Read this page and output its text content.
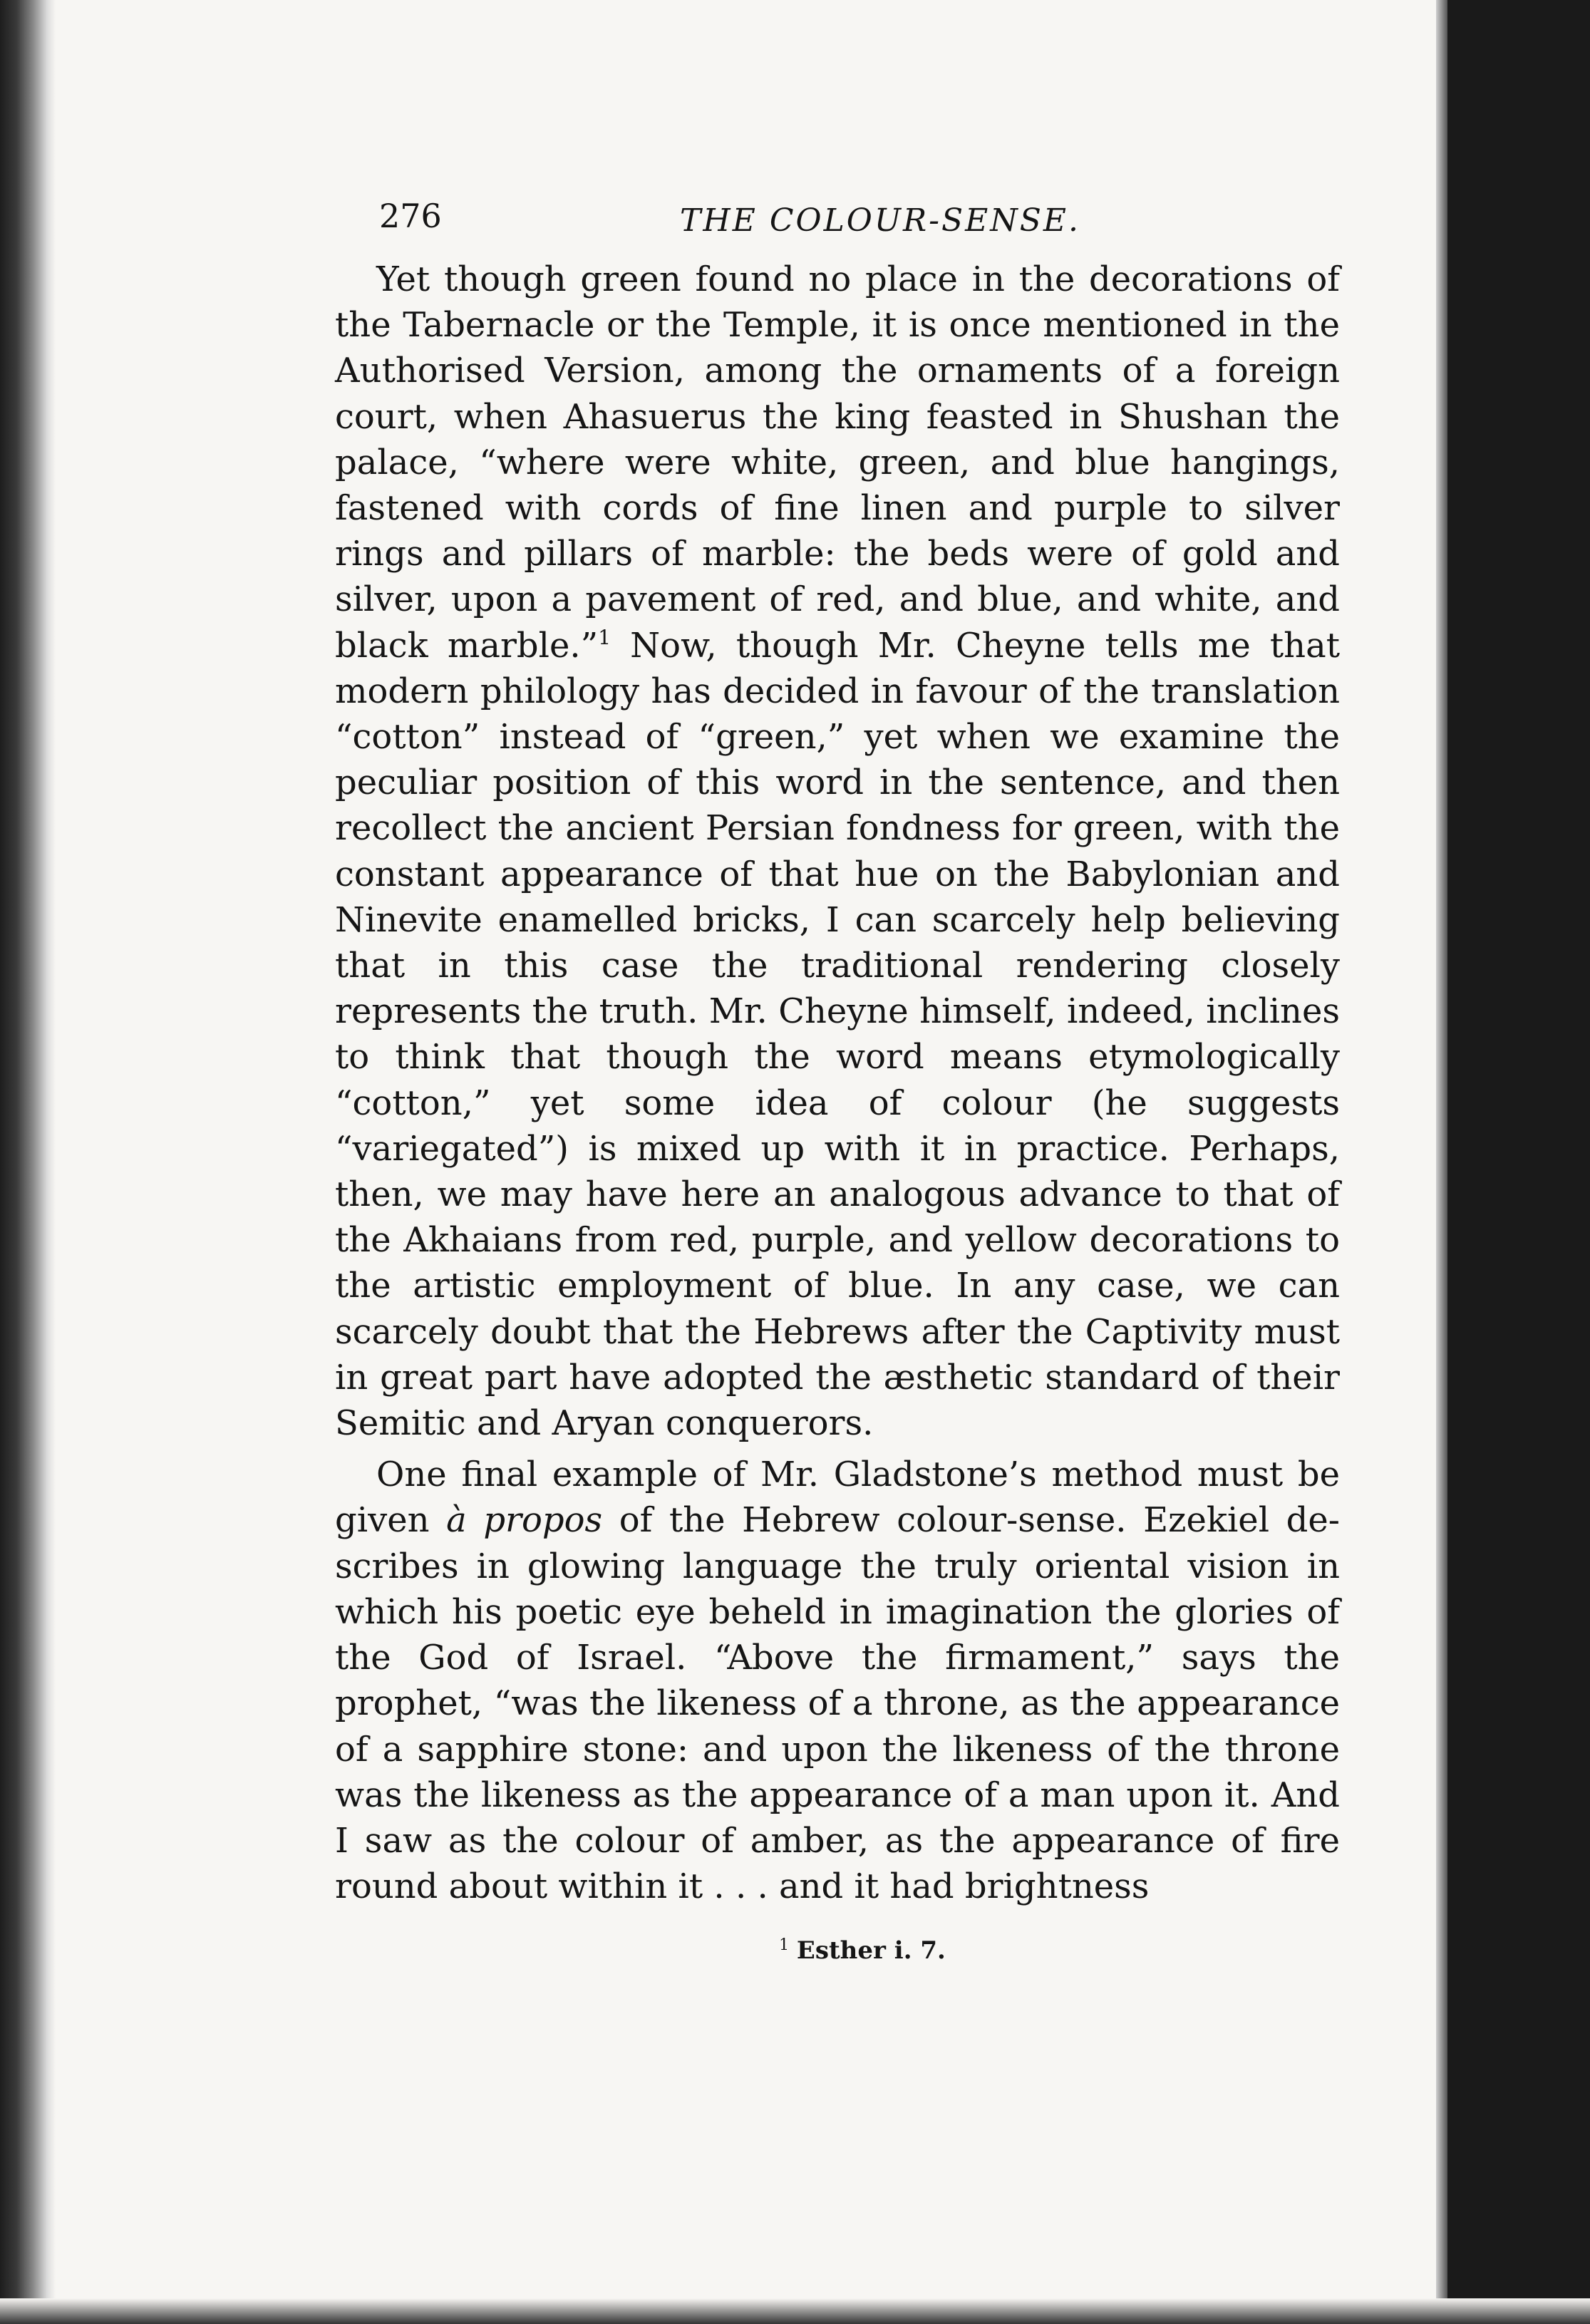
276	THE COLOUR-SENSE.

Yet though green found no place in the decorations of the Tabernacle or the Temple, it is once mentioned in the Authorised Version, among the ornaments of a foreign court, when Ahasuerus the king feasted in Shushan the palace, “where were white, green, and blue hangings, fastened with cords of fine linen and purple to silver rings and pillars of marble: the beds were of gold and silver, upon a pavement of red, and blue, and white, and black marble.”$^1$ Now, though Mr. Cheyne tells me that modern philology has decided in favour of the translation “cotton” instead of “green,” yet when we examine the peculiar position of this word in the sentence, and then recollect the ancient Persian fondness for green, with the constant appearance of that hue on the Babylonian and Ninevite enamelled bricks, I can scarcely help believing that in this case the traditional rendering closely represents the truth. Mr. Cheyne himself, indeed, inclines to think that though the word means etymologically “cotton,” yet some idea of colour (he suggests “variegated”) is mixed up with it in practice. Perhaps, then, we may have here an analogous advance to that of the Akhaians from red, purple, and yellow decorations to the artistic employment of blue. In any case, we can scarcely doubt that the Hebrews after the Captivity must in great part have adopted the æsthetic standard of their Semitic and Aryan conquerors.

One final example of Mr. Gladstone’s method must be given à propos of the Hebrew colour-sense. Ezekiel describes in glowing language the truly oriental vision in which his poetic eye beheld in imagination the glories of the God of Israel. “Above the firmament,” says the prophet, “was the likeness of a throne, as the appearance of a sapphire stone: and upon the likeness of the throne was the likeness as the appearance of a man upon it. And I saw as the colour of amber, as the appearance of fire round about within it . . . and it had brightness

$^1$ Esther i. 7.
